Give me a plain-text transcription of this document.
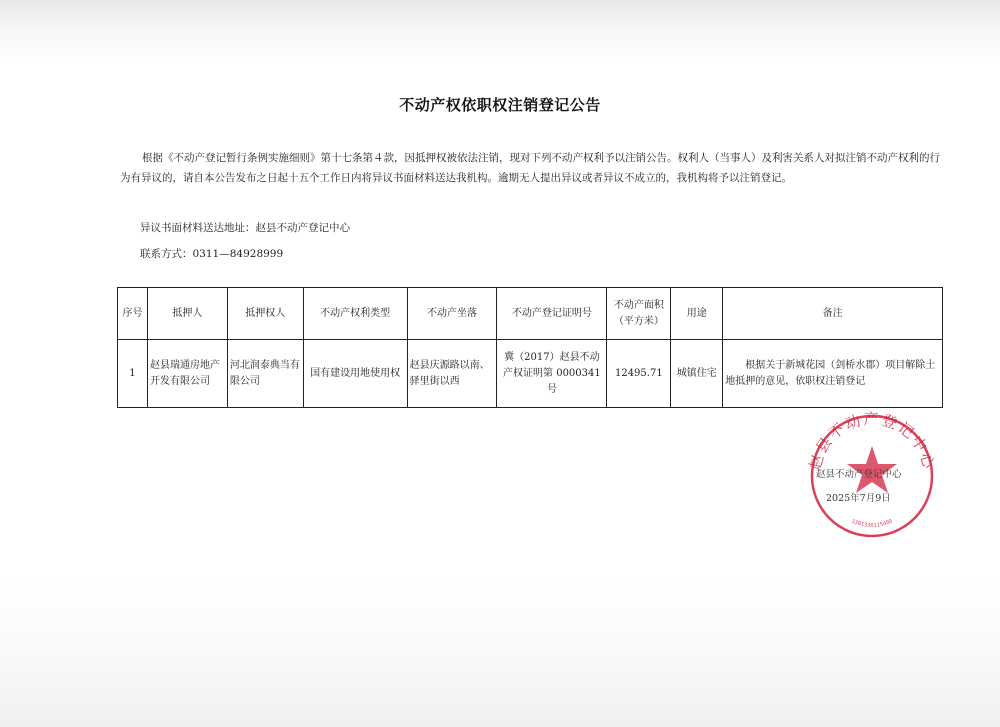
不动产权依职权注销登记公告

根据《不动产登记暂行条例实施细则》第十七条第４款，因抵押权被依法注销，现对下列不动产权利予以注销公告。权利人（当事人）及利害关系人对拟注销不动产权利的行为有异议的，请自本公告发布之日起十五个工作日内将异议书面材料送达我机构。逾期无人提出异议或者异议不成立的，我机构将予以注销登记。

异议书面材料送达地址：赵县不动产登记中心
联系方式：0311—84928999
序号	抵押人	抵押权人	不动产权利类型	不动产坐落	不动产登记证明号	不动产面积（平方米）	用途	备注
1	赵县瑞通房地产开发有限公司	河北润泰典当有限公司	国有建设用地使用权	赵县庆源路以南、驿里街以西	冀（2017）赵县不动产权证明第 0000341 号	12495.71	城镇住宅	根据关于新城花园（剑桥水郡）项目解除土地抵押的意见，依职权注销登记
赵县不动产登记中心
1301330115480
赵县不动产登记中心
2025年7月9日
